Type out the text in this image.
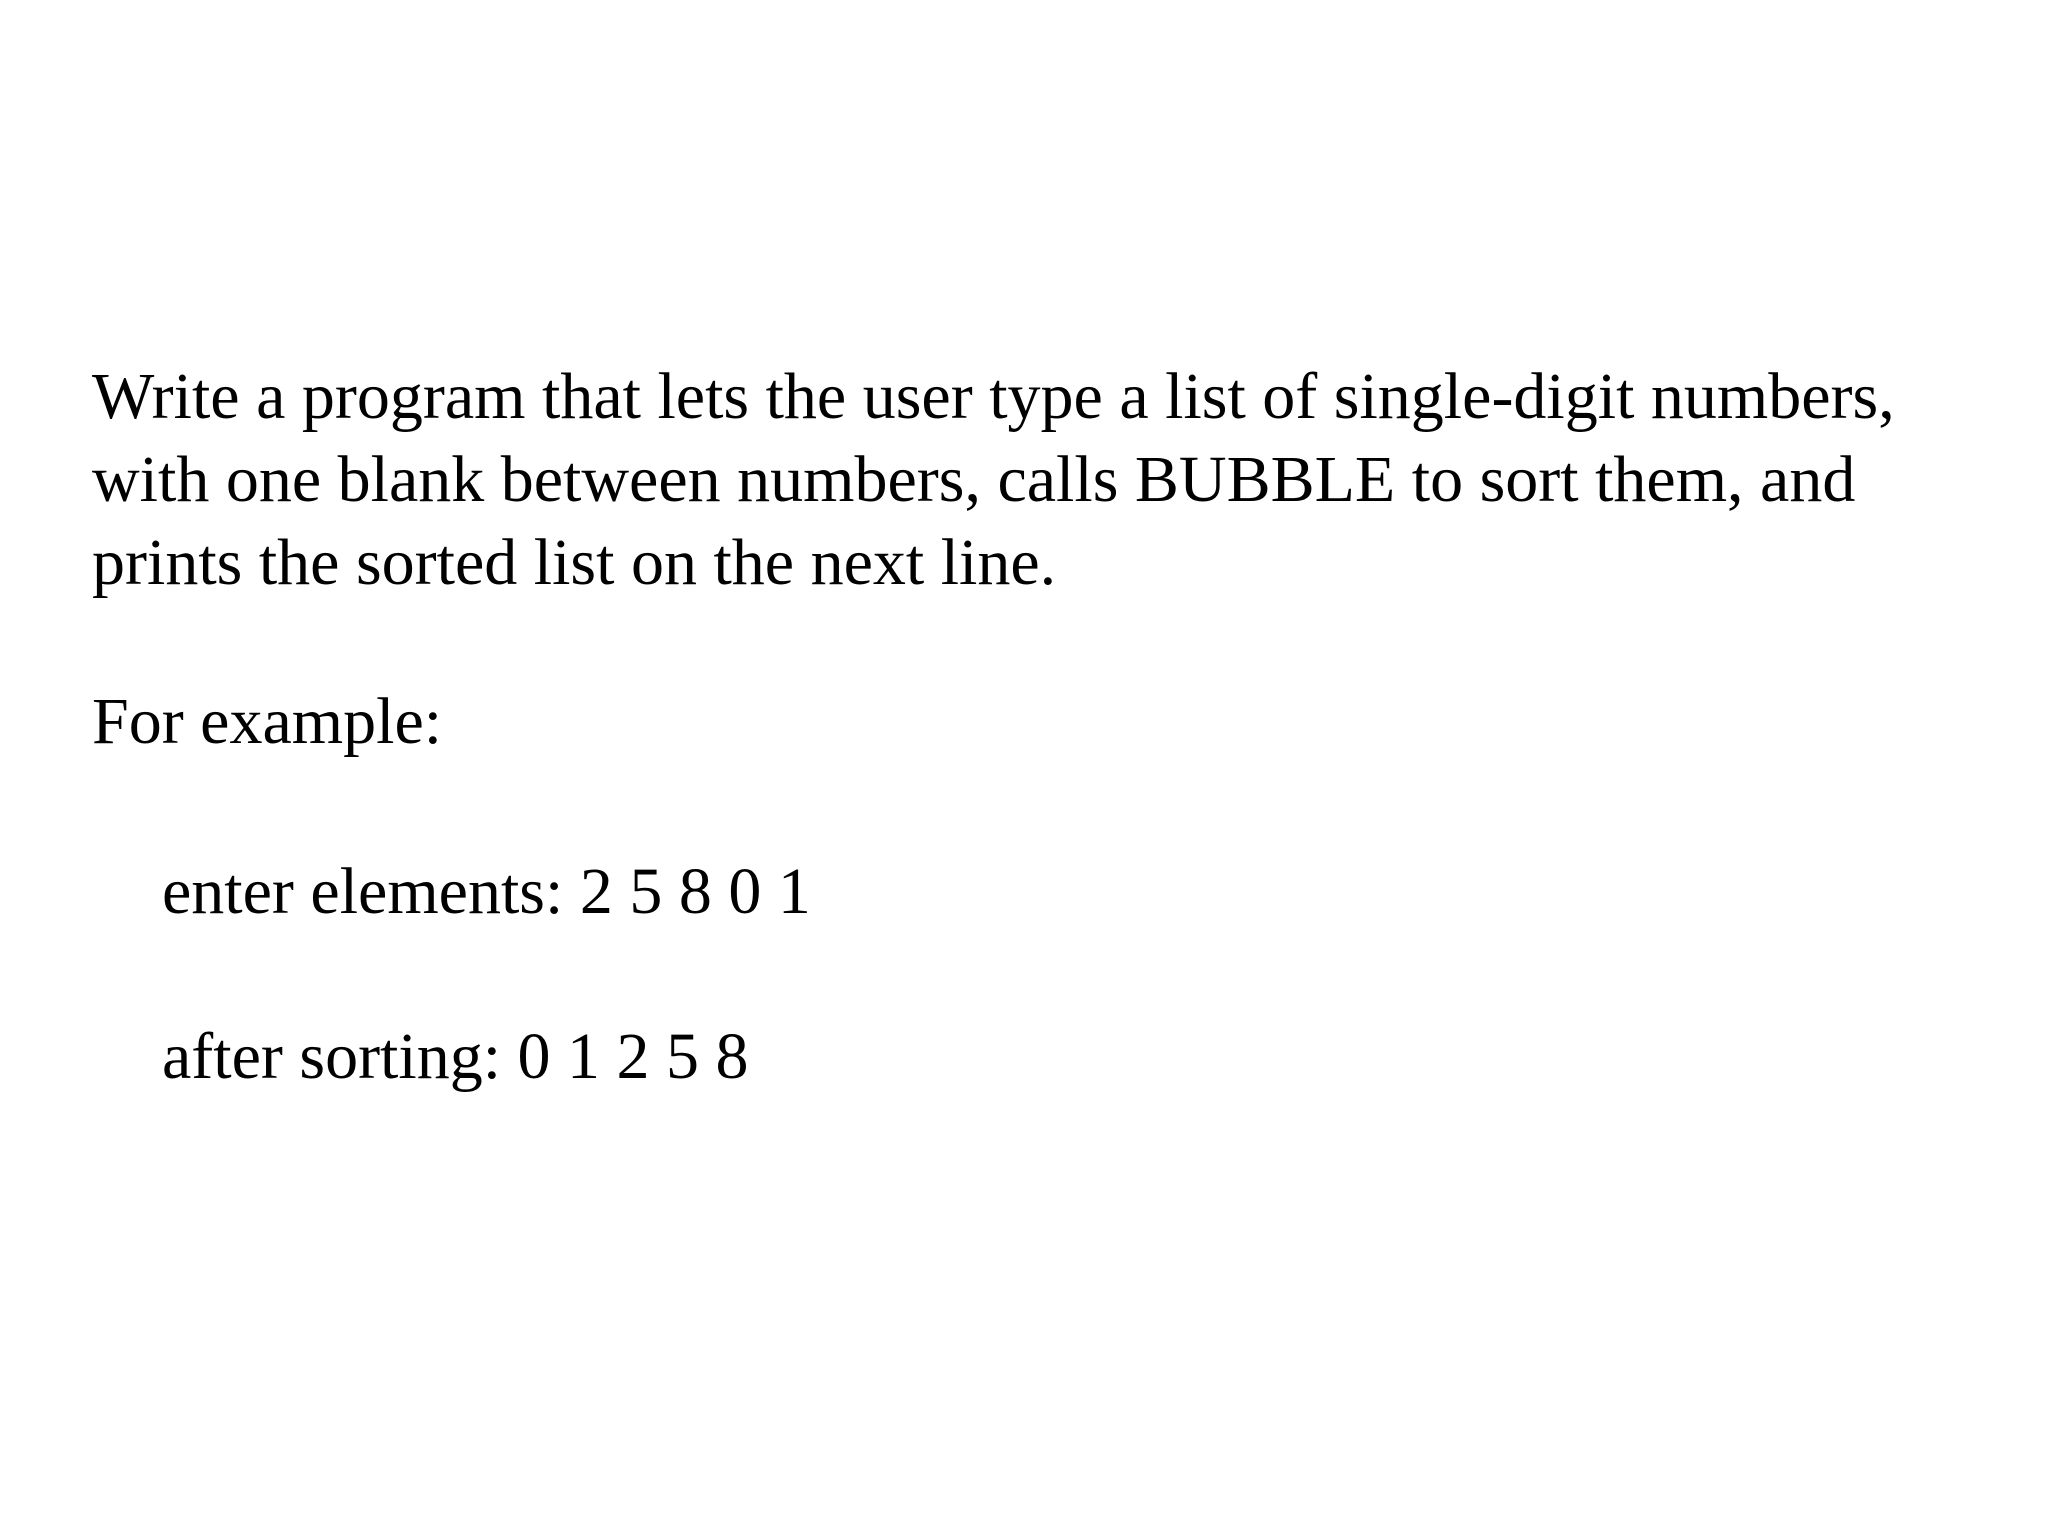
Write a program that lets the user type a list of single-digit numbers,
with one blank between numbers, calls BUBBLE to sort them, and
prints the sorted list on the next line.

For example:

enter elements: 2 5 8 0 1

after sorting: 0 1 2 5 8
